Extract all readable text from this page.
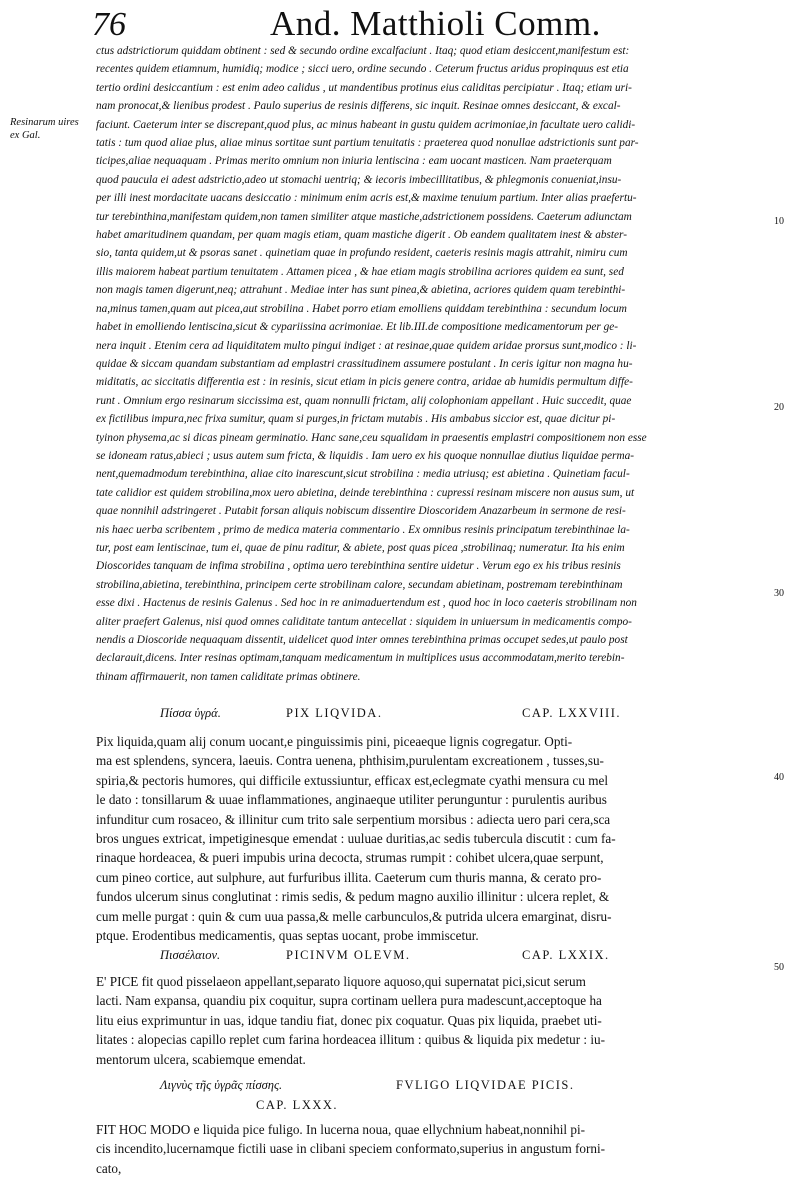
76	And. Matthioli Comm.
Resinarum uires ex Gal.
10
20
30
40
50
ctus adstrictiorum quiddam obtinent : sed & secundo ordine excalfaciunt . Itaq; quod etiam desiccent,manifestum est:
recentes quidem etiamnum, humidiq; modice ; sicci uero, ordine secundo . Ceterum fructus aridus propinquus est etia
tertio ordini desiccantium : est enim adeo calidus , ut mandentibus protinus eius caliditas percipiatur . Itaq; etiam uri-
nam pronocat,& lienibus prodest . Paulo superius de resinis differens, sic inquit. Resinae omnes desiccant, & excal-
faciunt. Caeterum inter se discrepant,quod plus, ac minus habeant in gustu quidem acrimoniae,in facultate uero calidi-
tatis : tum quod aliae plus, aliae minus sortitae sunt partium tenuitatis : praeterea quod nonullae adstrictionis sunt par-
ticipes,aliae nequaquam . Primas merito omnium non iniuria lentiscina : eam uocant masticen. Nam praeterquam
quod paucula ei adest adstrictio,adeo ut stomachi uentriq; & iecoris imbecillitatibus, & phlegmonis conueniat,insu-
per illi inest mordacitate uacans desiccatio : minimum enim acris est,& maxime tenuium partium. Inter alias praefertu-
tur terebinthina,manifestam quidem,non tamen similiter atque mastiche,adstrictionem possidens. Caeterum adiunctam
habet amaritudinem quandam, per quam magis etiam, quam mastiche digerit . Ob eandem qualitatem inest & abster-
sio, tanta quidem,ut & psoras sanet . quinetiam quae in profundo resident, caeteris resinis magis attrahit, nimiru cum
illis maiorem habeat partium tenuitatem . Attamen picea , & hae etiam magis strobilina acriores quidem ea sunt, sed
non magis tamen digerunt,neq; attrahunt . Mediae inter has sunt pinea,& abietina, acriores quidem quam terebinthi-
na,minus tamen,quam aut picea,aut strobilina . Habet porro etiam emolliens quiddam terebinthina : secundum locum
habet in emolliendo lentiscina,sicut & cypariissina acrimoniae. Et lib.III.de compositione medicamentorum per ge-
nera inquit . Etenim cera ad liquiditatem multo pingui indiget : at resinae,quae quidem aridae prorsus sunt,modico : li-
quidae & siccam quandam substantiam ad emplastri crassitudinem assumere postulant . In ceris igitur non magna hu-
miditatis, ac siccitatis differentia est : in resinis, sicut etiam in picis genere contra, aridae ab humidis permultum diffe-
runt . Omnium ergo resinarum siccissima est, quam nonnulli frictam, alij colophoniam appellant . Huic succedit, quae
ex fictilibus impura,nec frixa sumitur, quam si purges,in frictam mutabis . His ambabus siccior est, quae dicitur pi-
tyinon physema,ac si dicas pineam germinatio. Hanc sane,ceu squalidam in praesentis emplastri compositionem non esse
se idoneam ratus,abieci ; usus autem sum fricta, & liquidis . Iam uero ex his quoque nonnullae diutius liquidae perma-
nent,quemadmodum terebinthina, aliae cito inarescunt,sicut strobilina : media utriusq; est abietina . Quinetiam facul-
tate calidior est quidem strobilina,mox uero abietina, deinde terebinthina : cupressi resinam miscere non ausus sum, ut
quae nonnihil adstringeret . Putabit forsan aliquis nobiscum dissentire Dioscoridem Anazarbeum in sermone de resi-
nis haec uerba scribentem , primo de medica materia commentario . Ex omnibus resinis principatum terebinthinae la-
tur, post eam lentiscinae, tum ei, quae de pinu raditur, & abiete, post quas picea ,strobilinaq; numeratur. Ita his enim
Dioscorides tanquam de infima strobilina , optima uero terebinthina sentire uidetur . Verum ego ex his tribus resinis
strobilina,abietina, terebinthina, principem certe strobilinam calore, secundam abietinam, postremam terebinthinam
esse dixi . Hactenus de resinis Galenus . Sed hoc in re animaduertendum est , quod hoc in loco caeteris strobilinam non
aliter praefert Galenus, nisi quod omnes caliditate tantum antecellat : siquidem in uniuersum in medicamentis compo-
nendis a Dioscoride nequaquam dissentit, uidelicet quod inter omnes terebinthina primas occupet sedes,ut paulo post
declarauit,dicens. Inter resinas optimam,tanquam medicamentum in multiplices usus accommodatam,merito terebin-
thinam affirmauerit, non tamen caliditate primas obtinere.
Πίσσα ὑγρά.	PIX LIQVIDA.	CAP. LXXVIII.
Pix liquida,quam alij conum uocant,e pinguissimis pini, piceaeque lignis cogregatur. Opti-
ma est splendens, syncera, laeuis. Contra uenena, phthisim,purulentam excreationem , tusses,su-
spiria,& pectoris humores, qui difficile extussiuntur, efficax est,eclegmate cyathi mensura cu mel
le dato : tonsillarum & uuae inflammationes, anginaeque utiliter perunguntur : purulentis auribus
infunditur cum rosaceo, & illinitur cum trito sale serpentium morsibus : adiecta uero pari cera,sca
bros ungues extricat, impetiginesque emendat : uuluae duritias,ac sedis tubercula discutit : cum fa-
rinaque hordeacea, & pueri impubis urina decocta, strumas rumpit : cohibet ulcera,quae serpunt,
cum pineo cortice, aut sulphure, aut furfuribus illita. Caeterum cum thuris manna, & cerato pro-
fundos ulcerum sinus conglutinat : rimis sedis, & pedum magno auxilio illinitur : ulcera replet, &
cum melle purgat : quin & cum uua passa,& melle carbunculos,& putrida ulcera emarginat, disru-
ptque. Erodentibus medicamentis, quas septas uocant, probe immiscetur.
Πισσέλαιον.	PICINVM OLEVM.	CAP. LXXIX.
E' PICE fit quod pisselaeon appellant,separato liquore aquoso,qui supernatat pici,sicut serum
lacti. Nam expansa, quandiu pix coquitur, supra cortinam uellera pura madescunt,acceptoque ha
litu eius exprimuntur in uas, idque tandiu fiat, donec pix coquatur. Quas pix liquida, praebet uti-
litates : alopecias capillo replet cum farina hordeacea illitum : quibus & liquida pix medetur : iu-
mentorum ulcera, scabiemque emendat.
Λιγνὺς τῆς ὑγρᾶς πίσσης.	FVLIGO LIQVIDAE PICIS.
CAP. LXXX.
FIT HOC MODO e liquida pice fuligo. In lucerna noua, quae ellychnium habeat,nonnihil pi-
cis incendito,lucernamque fictili uase in clibani speciem conformato,superius in angustum forni-
cato,
